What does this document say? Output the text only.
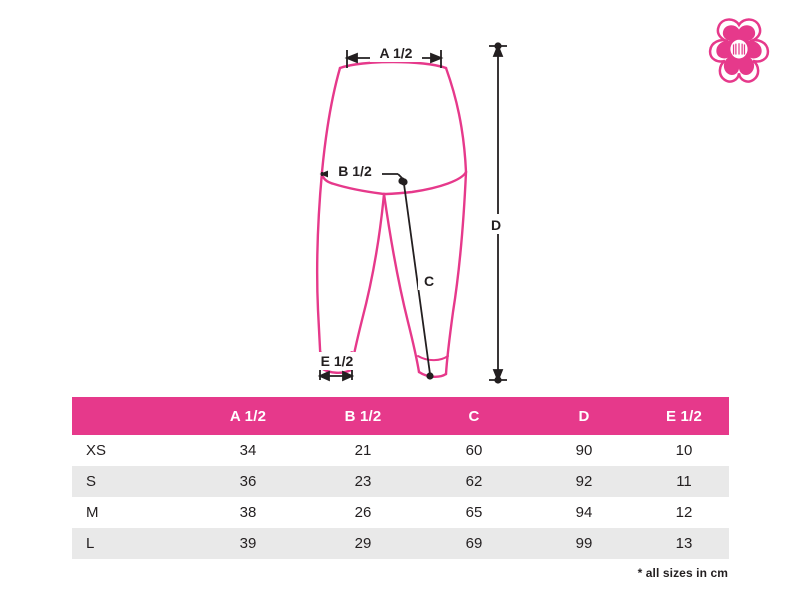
A 1/2
B 1/2
C
D
E 1/2
	A 1/2	B 1/2	C	D	E 1/2
XS	34	21	60	90	10
S	36	23	62	92	11
M	38	26	65	94	12
L	39	29	69	99	13
* all sizes in cm
